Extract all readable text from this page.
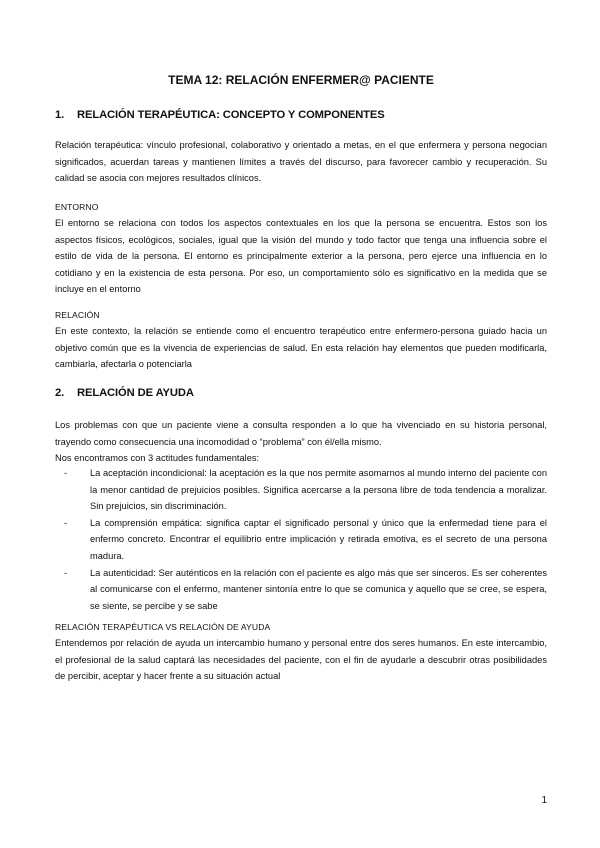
TEMA 12: RELACIÓN ENFERMER@ PACIENTE
1. RELACIÓN TERAPÉUTICA: CONCEPTO Y COMPONENTES

Relación terapéutica: vínculo profesional, colaborativo y orientado a metas, en el que enfermera y persona negocian significados, acuerdan tareas y mantienen límites a través del discurso, para favorecer cambio y recuperación. Su calidad se asocia con mejores resultados clínicos.

ENTORNO

El entorno se relaciona con todos los aspectos contextuales en los que la persona se encuentra. Estos son los aspectos físicos, ecológicos, sociales, igual que la visión del mundo y todo factor que tenga una influencia sobre el estilo de vida de la persona. El entorno es principalmente exterior a la persona, pero ejerce una influencia en lo cotidiano y en la existencia de esta persona. Por eso, un comportamiento sólo es significativo en la medida que se incluye en el entorno

RELACIÓN

En este contexto, la relación se entiende como el encuentro terapéutico entre enfermero-persona guiado hacia un objetivo común que es la vivencia de experiencias de salud. En esta relación hay elementos que pueden modificarla, cambiarla, afectarla o potenciarla

2. RELACIÓN DE AYUDA

Los problemas con que un paciente viene a consulta responden a lo que ha vivenciado en su historia personal, trayendo como consecuencia una incomodidad o “problema” con él/ella mismo.

Nos encontramos con 3 actitudes fundamentales:

- La aceptación incondicional: la aceptación es la que nos permite asomarnos al mundo interno del paciente con la menor cantidad de prejuicios posibles. Significa acercarse a la persona libre de toda tendencia a moralizar. Sin prejuicios, sin discriminación.
- La comprensión empática: significa captar el significado personal y único que la enfermedad tiene para el enfermo concreto. Encontrar el equilibrio entre implicación y retirada emotiva, es el secreto de una persona madura.
- La autenticidad: Ser auténticos en la relación con el paciente es algo más que ser sinceros. Es ser coherentes al comunicarse con el enfermo, mantener sintonía entre lo que se comunica y aquello que se cree, se espera, se siente, se percibe y se sabe
RELACIÓN TERAPÉUTICA VS RELACIÓN DE AYUDA

Entendemos por relación de ayuda un intercambio humano y personal entre dos seres humanos. En este intercambio, el profesional de la salud captará las necesidades del paciente, con el fin de ayudarle a descubrir otras posibilidades de percibir, aceptar y hacer frente a su situación actual

1
